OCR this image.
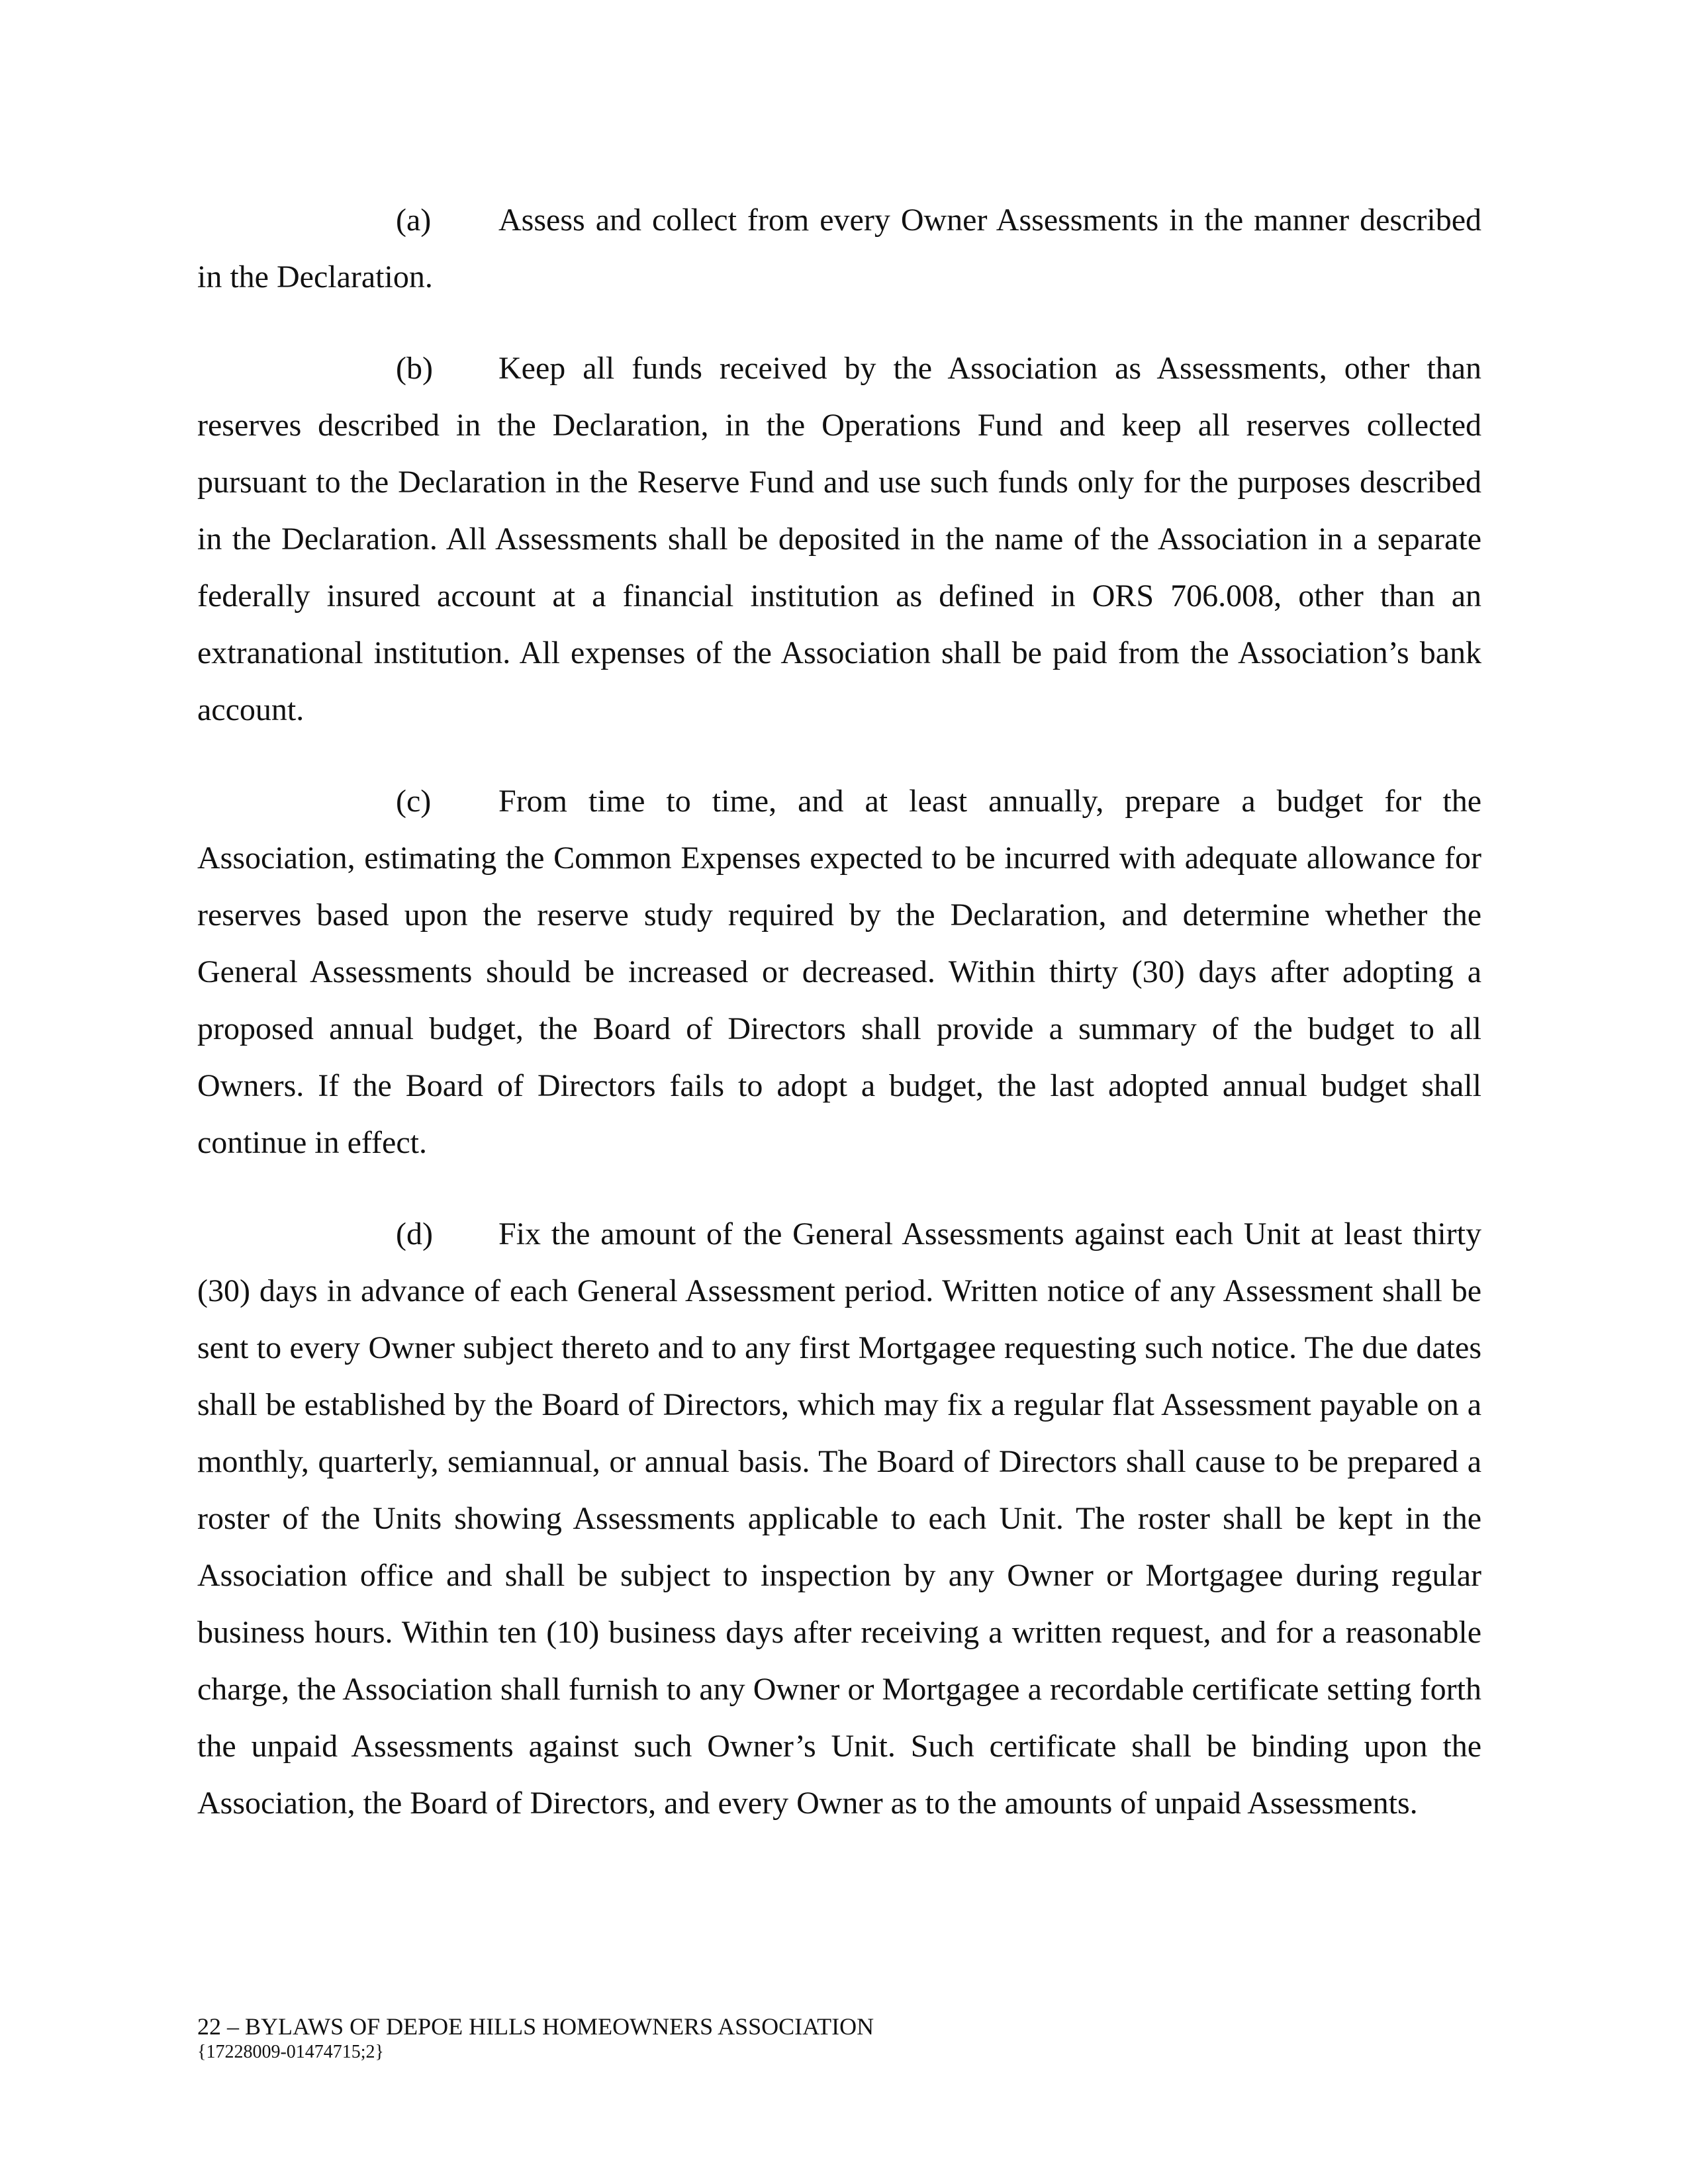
(a) Assess and collect from every Owner Assessments in the manner described in the Declaration.

(b) Keep all funds received by the Association as Assessments, other than reserves described in the Declaration, in the Operations Fund and keep all reserves collected pursuant to the Declaration in the Reserve Fund and use such funds only for the purposes described in the Declaration. All Assessments shall be deposited in the name of the Association in a separate federally insured account at a financial institution as defined in ORS 706.008, other than an extranational institution. All expenses of the Association shall be paid from the Association’s bank account.

(c) From time to time, and at least annually, prepare a budget for the Association, estimating the Common Expenses expected to be incurred with adequate allowance for reserves based upon the reserve study required by the Declaration, and determine whether the General Assessments should be increased or decreased. Within thirty (30) days after adopting a proposed annual budget, the Board of Directors shall provide a summary of the budget to all Owners. If the Board of Directors fails to adopt a budget, the last adopted annual budget shall continue in effect.

(d) Fix the amount of the General Assessments against each Unit at least thirty (30) days in advance of each General Assessment period. Written notice of any Assessment shall be sent to every Owner subject thereto and to any first Mortgagee requesting such notice. The due dates shall be established by the Board of Directors, which may fix a regular flat Assessment payable on a monthly, quarterly, semiannual, or annual basis. The Board of Directors shall cause to be prepared a roster of the Units showing Assessments applicable to each Unit. The roster shall be kept in the Association office and shall be subject to inspection by any Owner or Mortgagee during regular business hours. Within ten (10) business days after receiving a written request, and for a reasonable charge, the Association shall furnish to any Owner or Mortgagee a recordable certificate setting forth the unpaid Assessments against such Owner’s Unit. Such certificate shall be binding upon the Association, the Board of Directors, and every Owner as to the amounts of unpaid Assessments.

22 – BYLAWS OF DEPOE HILLS HOMEOWNERS ASSOCIATION
{17228009-01474715;2}
